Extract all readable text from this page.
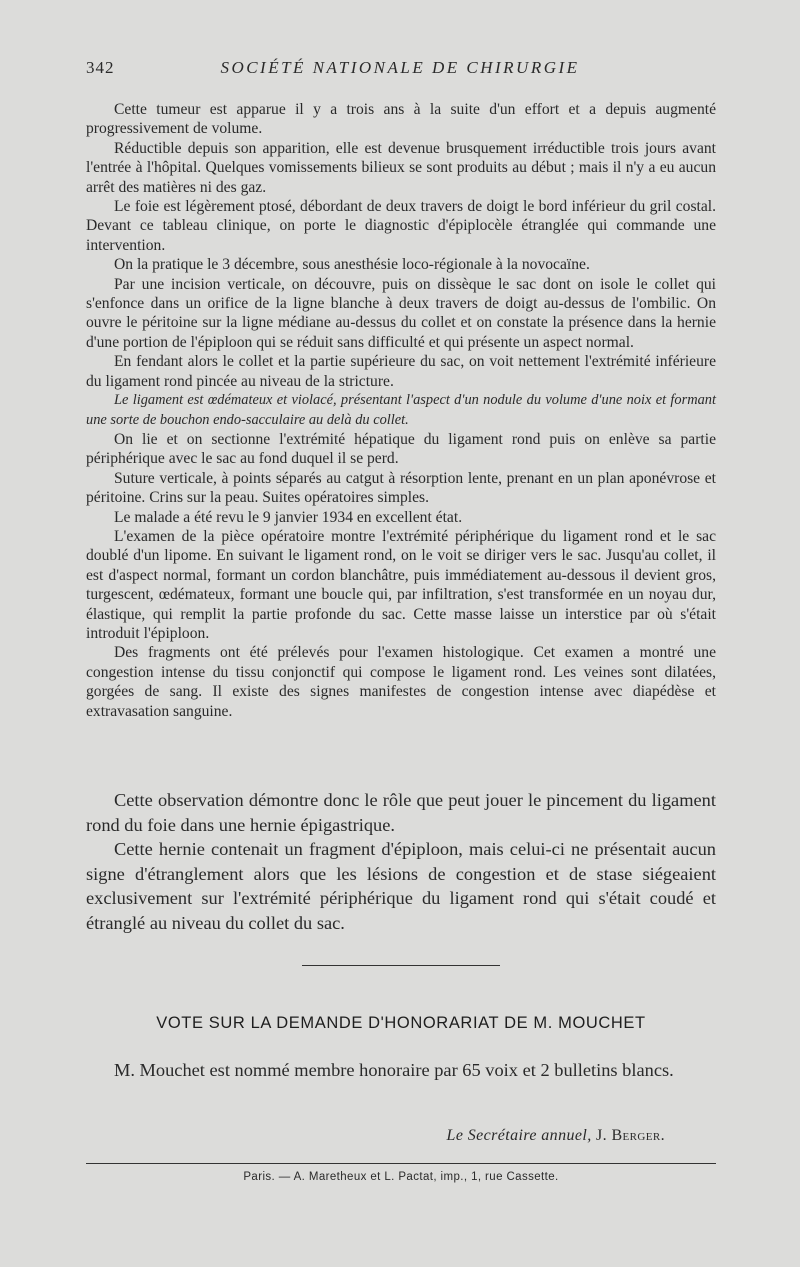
342	SOCIÉTÉ NATIONALE DE CHIRURGIE

Cette tumeur est apparue il y a trois ans à la suite d'un effort et a depuis augmenté progressivement de volume.

Réductible depuis son apparition, elle est devenue brusquement irréductible trois jours avant l'entrée à l'hôpital. Quelques vomissements bilieux se sont produits au début ; mais il n'y a eu aucun arrêt des matières ni des gaz.

Le foie est légèrement ptosé, débordant de deux travers de doigt le bord inférieur du gril costal. Devant ce tableau clinique, on porte le diagnostic d'épiplocèle étranglée qui commande une intervention.

On la pratique le 3 décembre, sous anesthésie loco-régionale à la novocaïne.

Par une incision verticale, on découvre, puis on dissèque le sac dont on isole le collet qui s'enfonce dans un orifice de la ligne blanche à deux travers de doigt au-dessus de l'ombilic. On ouvre le péritoine sur la ligne médiane au-dessus du collet et on constate la présence dans la hernie d'une portion de l'épiploon qui se réduit sans difficulté et qui présente un aspect normal.

En fendant alors le collet et la partie supérieure du sac, on voit nettement l'extrémité inférieure du ligament rond pincée au niveau de la stricture.

Le ligament est œdémateux et violacé, présentant l'aspect d'un nodule du volume d'une noix et formant une sorte de bouchon endo-sacculaire au delà du collet.

On lie et on sectionne l'extrémité hépatique du ligament rond puis on enlève sa partie périphérique avec le sac au fond duquel il se perd.

Suture verticale, à points séparés au catgut à résorption lente, prenant en un plan aponévrose et péritoine. Crins sur la peau. Suites opératoires simples.

Le malade a été revu le 9 janvier 1934 en excellent état.

L'examen de la pièce opératoire montre l'extrémité périphérique du ligament rond et le sac doublé d'un lipome. En suivant le ligament rond, on le voit se diriger vers le sac. Jusqu'au collet, il est d'aspect normal, formant un cordon blanchâtre, puis immédiatement au-dessous il devient gros, turgescent, œdémateux, formant une boucle qui, par infiltration, s'est transformée en un noyau dur, élastique, qui remplit la partie profonde du sac. Cette masse laisse un interstice par où s'était introduit l'épiploon.

Des fragments ont été prélevés pour l'examen histologique. Cet examen a montré une congestion intense du tissu conjonctif qui compose le ligament rond. Les veines sont dilatées, gorgées de sang. Il existe des signes manifestes de congestion intense avec diapédèse et extravasation sanguine.

Cette observation démontre donc le rôle que peut jouer le pincement du ligament rond du foie dans une hernie épigastrique.

Cette hernie contenait un fragment d'épiploon, mais celui-ci ne présentait aucun signe d'étranglement alors que les lésions de congestion et de stase siégeaient exclusivement sur l'extrémité périphérique du ligament rond qui s'était coudé et étranglé au niveau du collet du sac.

VOTE SUR LA DEMANDE D'HONORARIAT DE M. MOUCHET

M. Mouchet est nommé membre honoraire par 65 voix et 2 bulletins blancs.

Le Secrétaire annuel, J. Berger.
Paris. — A. Maretheux et L. Pactat, imp., 1, rue Cassette.
